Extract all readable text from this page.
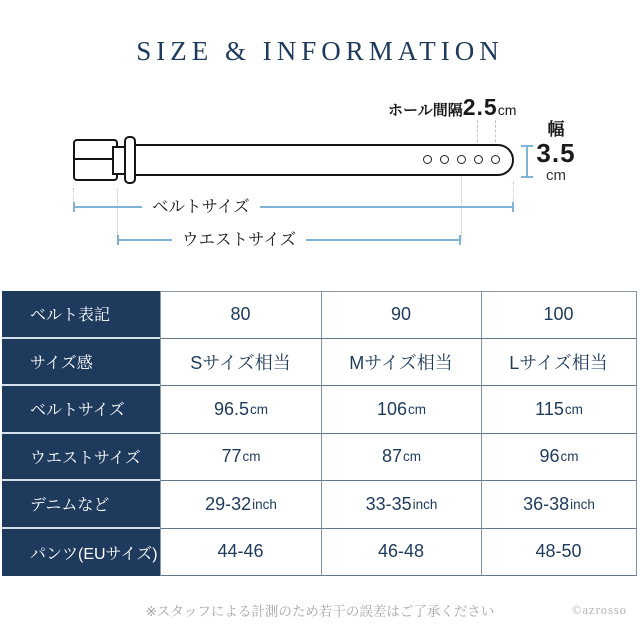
SIZE & INFORMATION
ホール間隔2.5cm
幅
3.5
cm
ベルトサイズ
ウエストサイズ
ベルト表記	80	90	100
サイズ感	Sサイズ相当	Mサイズ相当	Lサイズ相当
ベルトサイズ	96.5 cm	106 cm	115 cm
ウエストサイズ	77 cm	87 cm	96 cm
デニムなど	29-32 inch	33-35 inch	36-38 inch
パンツ(EUサイズ)	44-46	46-48	48-50
※スタッフによる計測のため若干の誤差はご了承ください	©azrosso
